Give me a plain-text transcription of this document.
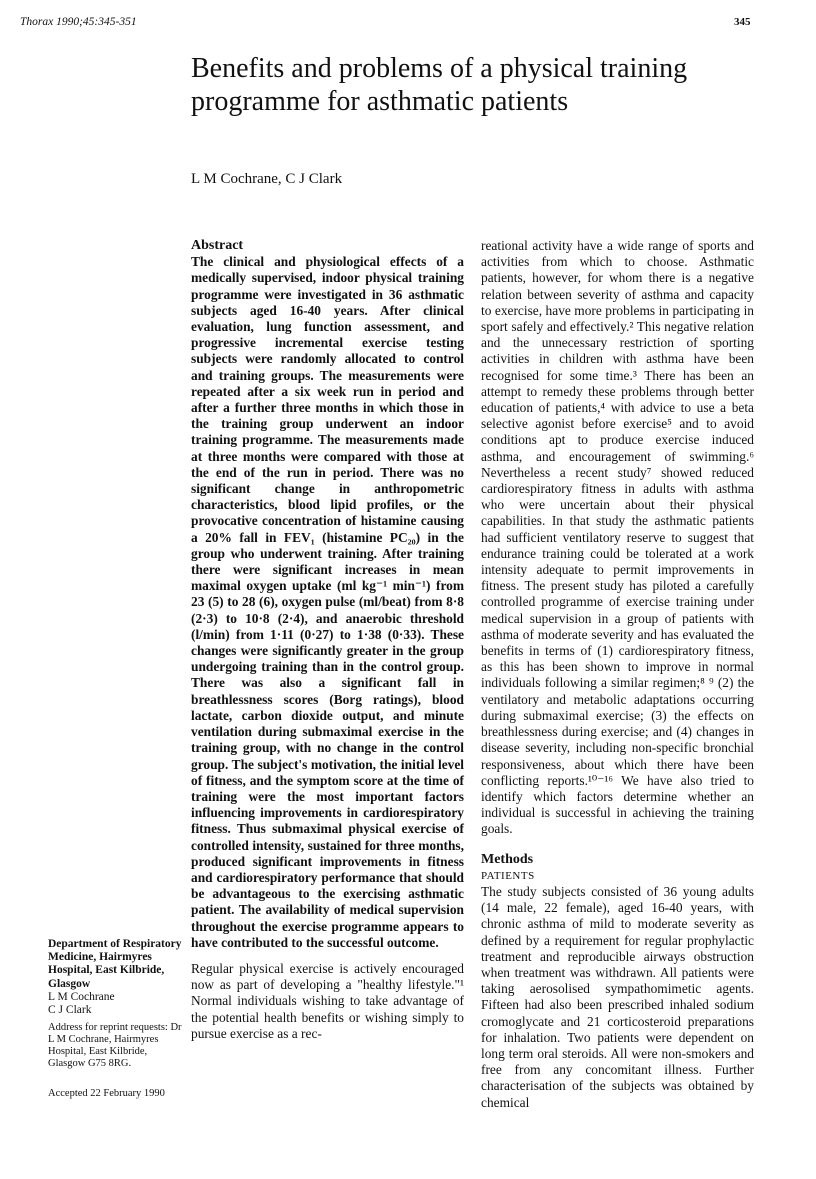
Thorax 1990;45:345-351	345
Benefits and problems of a physical training programme for asthmatic patients
L M Cochrane, C J Clark
Abstract

The clinical and physiological effects of a medically supervised, indoor physical training programme were investigated in 36 asthmatic subjects aged 16-40 years. After clinical evaluation, lung function assessment, and progressive incremental exercise testing subjects were randomly allocated to control and training groups. The measurements were repeated after a six week run in period and after a further three months in which those in the training group underwent an indoor training programme. The measurements made at three months were compared with those at the end of the run in period. There was no significant change in anthropometric characteristics, blood lipid profiles, or the provocative concentration of histamine causing a 20% fall in FEV₁ (histamine PC₂₀) in the group who underwent training. After training there were significant increases in mean maximal oxygen uptake (ml kg⁻¹ min⁻¹) from 23 (5) to 28 (6), oxygen pulse (ml/beat) from 8·8 (2·3) to 10·8 (2·4), and anaerobic threshold (l/min) from 1·11 (0·27) to 1·38 (0·33). These changes were significantly greater in the group undergoing training than in the control group. There was also a significant fall in breathlessness scores (Borg ratings), blood lactate, carbon dioxide output, and minute ventilation during submaximal exercise in the training group, with no change in the control group. The subject's motivation, the initial level of fitness, and the symptom score at the time of training were the most important factors influencing improvements in cardiorespiratory fitness. Thus submaximal physical exercise of controlled intensity, sustained for three months, produced significant improvements in fitness and cardiorespiratory performance that should be advantageous to the exercising asthmatic patient. The availability of medical supervision throughout the exercise programme appears to have contributed to the successful outcome.

Regular physical exercise is actively encouraged now as part of developing a "healthy lifestyle."¹ Normal individuals wishing to take advantage of the potential health benefits or wishing simply to pursue exercise as a rec-

reational activity have a wide range of sports and activities from which to choose. Asthmatic patients, however, for whom there is a negative relation between severity of asthma and capacity to exercise, have more problems in participating in sport safely and effectively.² This negative relation and the unnecessary restriction of sporting activities in children with asthma have been recognised for some time.³ There has been an attempt to remedy these problems through better education of patients,⁴ with advice to use a beta selective agonist before exercise⁵ and to avoid conditions apt to produce exercise induced asthma, and encouragement of swimming.⁶ Nevertheless a recent study⁷ showed reduced cardiorespiratory fitness in adults with asthma who were uncertain about their physical capabilities. In that study the asthmatic patients had sufficient ventilatory reserve to suggest that endurance training could be tolerated at a work intensity adequate to permit improvements in fitness. The present study has piloted a carefully controlled programme of exercise training under medical supervision in a group of patients with asthma of moderate severity and has evaluated the benefits in terms of (1) cardiorespiratory fitness, as this has been shown to improve in normal individuals following a similar regimen;⁸ ⁹ (2) the ventilatory and metabolic adaptations occurring during submaximal exercise; (3) the effects on breathlessness during exercise; and (4) changes in disease severity, including non-specific bronchial responsiveness, about which there have been conflicting reports.¹⁰⁻¹⁶ We have also tried to identify which factors determine whether an individual is successful in achieving the training goals.

Methods
PATIENTS

The study subjects consisted of 36 young adults (14 male, 22 female), aged 16-40 years, with chronic asthma of mild to moderate severity as defined by a requirement for regular prophylactic treatment and reproducible airways obstruction when treatment was withdrawn. All patients were taking aerosolised sympathomimetic agents. Fifteen had also been prescribed inhaled sodium cromoglycate and 21 corticosteroid preparations for inhalation. Two patients were dependent on long term oral steroids. All were non-smokers and free from any concomitant illness. Further characterisation of the subjects was obtained by chemical

Department of Respiratory Medicine, Hairmyres Hospital, East Kilbride, Glasgow
L M Cochrane
C J Clark
Address for reprint requests: Dr L M Cochrane, Hairmyres Hospital, East Kilbride, Glasgow G75 8RG.
Accepted 22 February 1990
